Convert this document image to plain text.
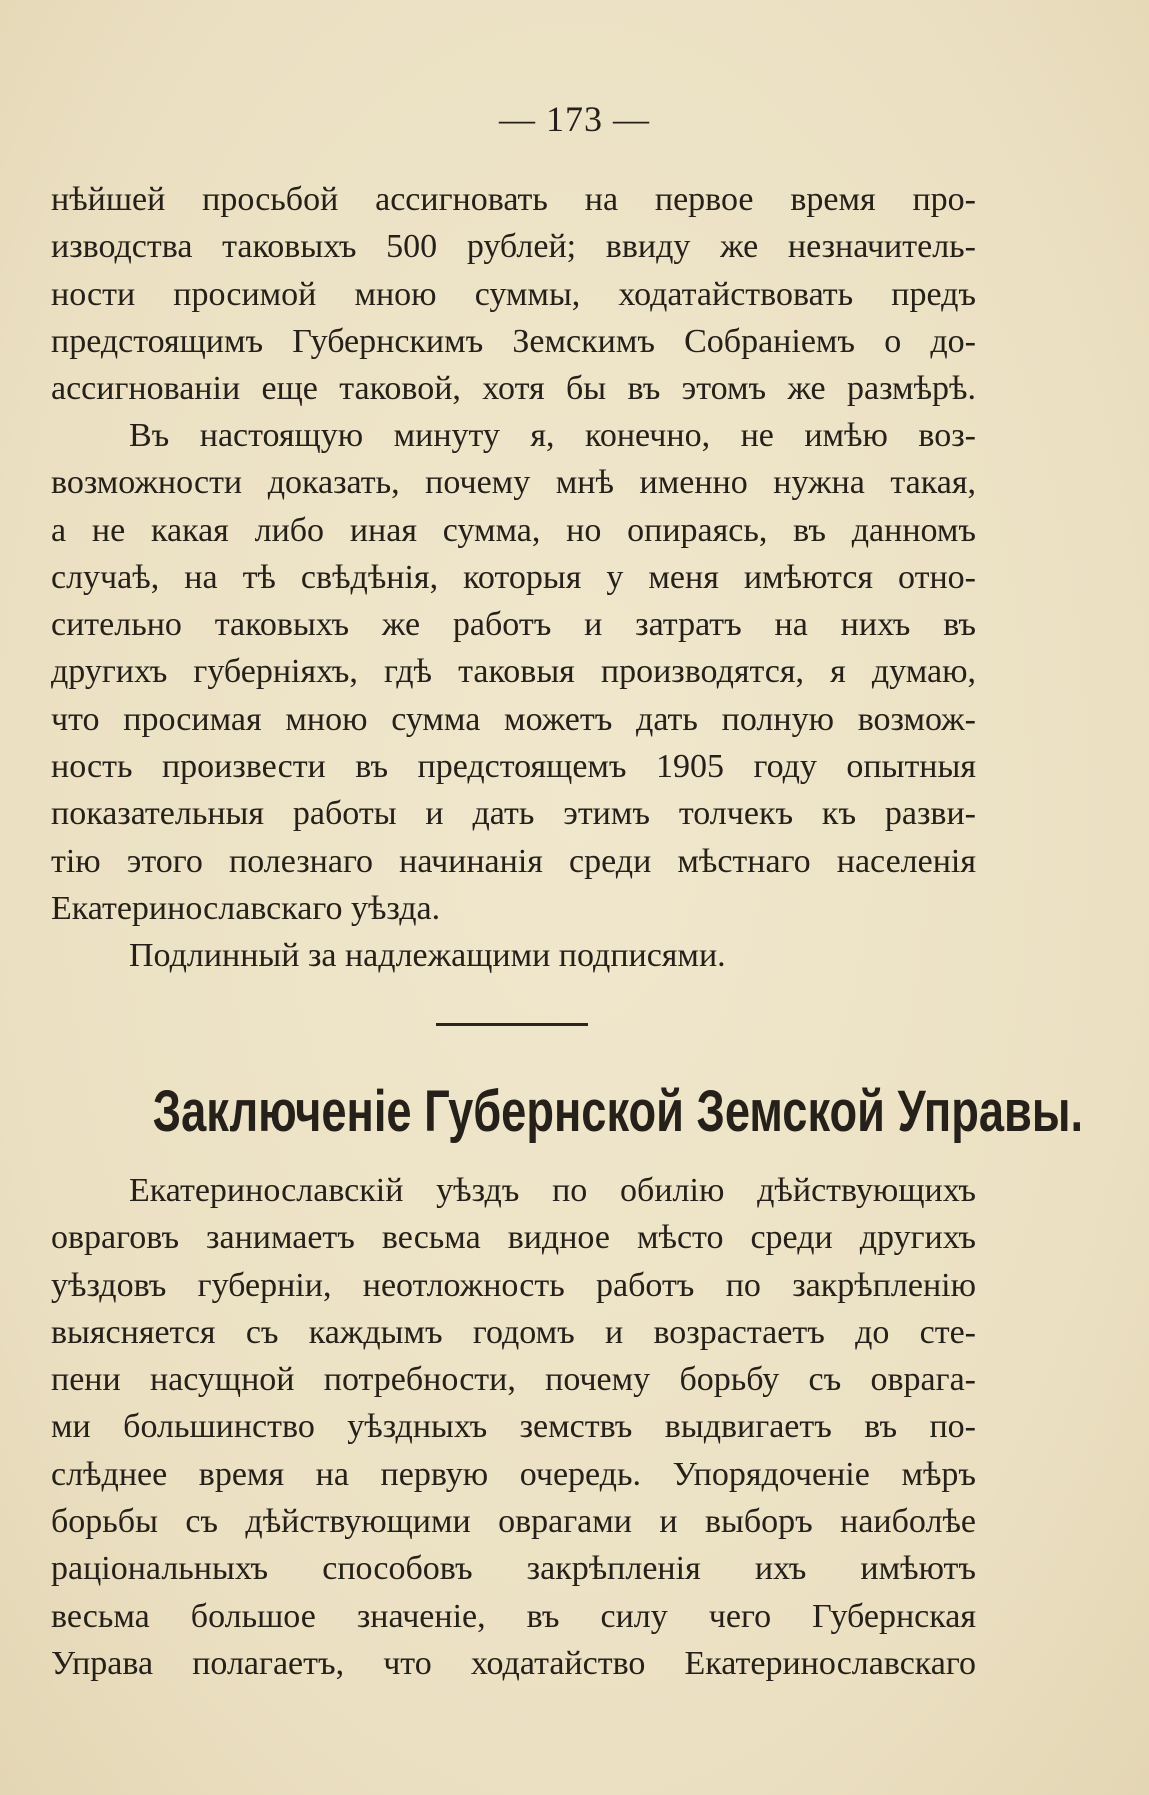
— 173 —
нѣйшей просьбой ассигновать на первое время про-
изводства таковыхъ 500 рублей; ввиду же незначитель-
ности просимой мною суммы, ходатайствовать предъ
предстоящимъ Губернскимъ Земскимъ Собраніемъ о до-
ассигнованіи еще таковой, хотя бы въ этомъ же размѣрѣ.
Въ настоящую минуту я, конечно, не имѣю воз-
возможности доказать, почему мнѣ именно нужна такая,
а не какая либо иная сумма, но опираясь, въ данномъ
случаѣ, на тѣ свѣдѣнія, которыя у меня имѣются отно-
сительно таковыхъ же работъ и затратъ на нихъ въ
другихъ губерніяхъ, гдѣ таковыя производятся, я думаю,
что просимая мною сумма можетъ дать полную возмож-
ность произвести въ предстоящемъ 1905 году опытныя
показательныя работы и дать этимъ толчекъ къ разви-
тію этого полезнаго начинанія среди мѣстнаго населенія
Екатеринославскаго уѣзда.
Подлинный за надлежащими подписями.
Заключеніе Губернской Земской Управы.
Екатеринославскій уѣздъ по обилію дѣйствующихъ
овраговъ занимаетъ весьма видное мѣсто среди другихъ
уѣздовъ губерніи, неотложность работъ по закрѣпленію
выясняется съ каждымъ годомъ и возрастаетъ до сте-
пени насущной потребности, почему борьбу съ оврага-
ми большинство уѣздныхъ земствъ выдвигаетъ въ по-
слѣднее время на первую очередь. Упорядоченіе мѣръ
борьбы съ дѣйствующими оврагами и выборъ наиболѣе
раціональныхъ способовъ закрѣпленія ихъ имѣютъ
весьма большое значеніе, въ силу чего Губернская
Управа полагаетъ, что ходатайство Екатеринославскаго
